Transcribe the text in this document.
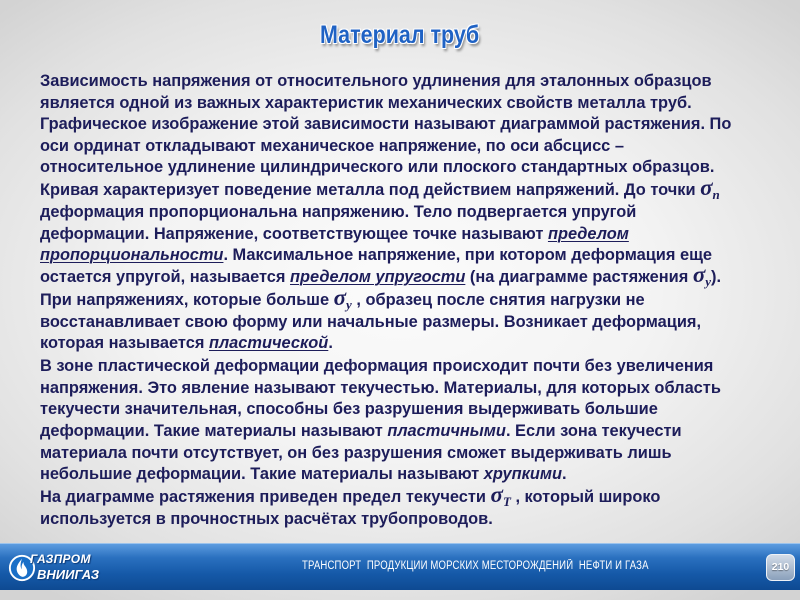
Материал труб
Зависимость напряжения от относительного удлинения для эталонных образцов
является одной из важных характеристик механических свойств металла труб.
Графическое изображение этой зависимости называют диаграммой растяжения. По
оси ординат откладывают механическое напряжение, по оси абсцисс –
относительное удлинение цилиндрического или плоского стандартных образцов.
Кривая характеризует поведение металла под действием напряжений. До точки σп
деформация пропорциональна напряжению. Тело подвергается упругой
деформации. Напряжение, соответствующее точке называют пределом
пропорциональности. Максимальное напряжение, при котором деформация еще
остается упругой, называется пределом упругости (на диаграмме растяжения σу).
При напряжениях, которые больше σу , образец после снятия нагрузки не
восстанавливает свою форму или начальные размеры. Возникает деформация,
которая называется пластической.
В зоне пластической деформации деформация происходит почти без увеличения
напряжения. Это явление называют текучестью. Материалы, для которых область
текучести значительная, способны без разрушения выдерживать большие
деформации. Такие материалы называют пластичными. Если зона текучести
материала почти отсутствует, он без разрушения сможет выдерживать лишь
небольшие деформации. Такие материалы называют хрупкими.
На диаграмме растяжения приведен предел текучести σТ , который широко
используется в прочностных расчётах трубопроводов.
ГАЗПРОМ
ВНИИГАЗ
ТРАНСПОРТ  ПРОДУКЦИИ МОРСКИХ МЕСТОРОЖДЕНИЙ  НЕФТИ И ГАЗА	210
